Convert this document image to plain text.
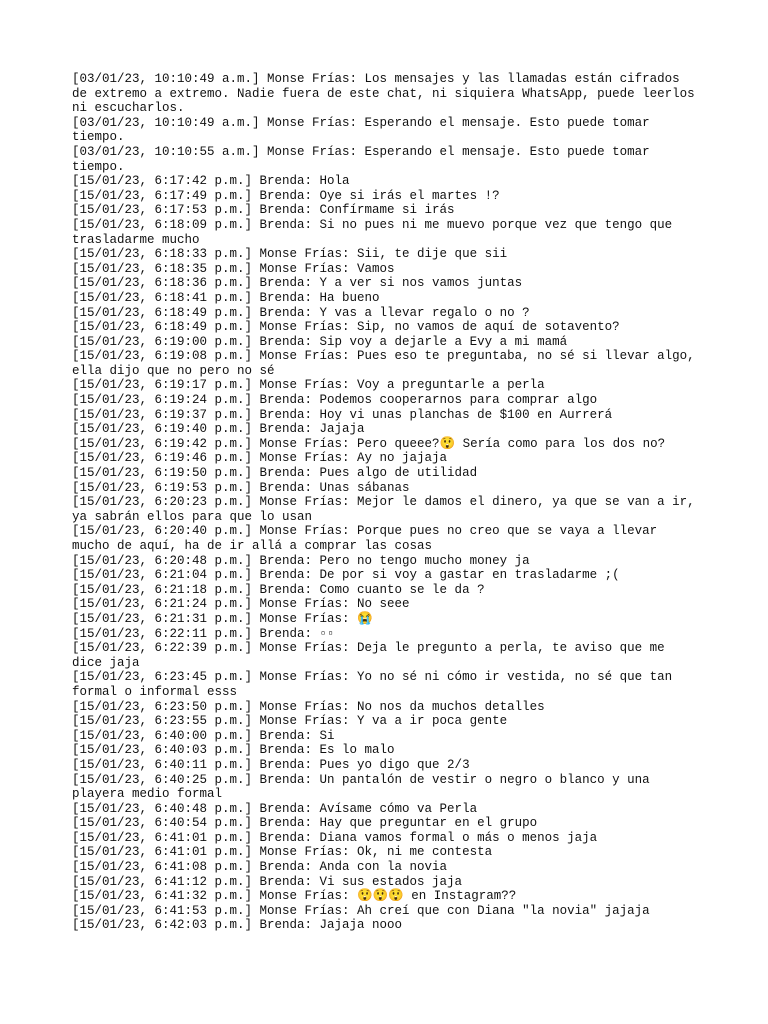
[03/01/23, 10:10:49 a.m.] Monse Frías: Los mensajes y las llamadas están cifrados
de extremo a extremo. Nadie fuera de este chat, ni siquiera WhatsApp, puede leerlos
ni escucharlos.
[03/01/23, 10:10:49 a.m.] Monse Frías: Esperando el mensaje. Esto puede tomar
tiempo.
[03/01/23, 10:10:55 a.m.] Monse Frías: Esperando el mensaje. Esto puede tomar
tiempo.
[15/01/23, 6:17:42 p.m.] Brenda: Hola
[15/01/23, 6:17:49 p.m.] Brenda: Oye si irás el martes !?
[15/01/23, 6:17:53 p.m.] Brenda: Confírmame si irás
[15/01/23, 6:18:09 p.m.] Brenda: Si no pues ni me muevo porque vez que tengo que
trasladarme mucho
[15/01/23, 6:18:33 p.m.] Monse Frías: Sii, te dije que sii
[15/01/23, 6:18:35 p.m.] Monse Frías: Vamos
[15/01/23, 6:18:36 p.m.] Brenda: Y a ver si nos vamos juntas
[15/01/23, 6:18:41 p.m.] Brenda: Ha bueno
[15/01/23, 6:18:49 p.m.] Brenda: Y vas a llevar regalo o no ?
[15/01/23, 6:18:49 p.m.] Monse Frías: Sip, no vamos de aquí de sotavento?
[15/01/23, 6:19:00 p.m.] Brenda: Sip voy a dejarle a Evy a mi mamá
[15/01/23, 6:19:08 p.m.] Monse Frías: Pues eso te preguntaba, no sé si llevar algo,
ella dijo que no pero no sé
[15/01/23, 6:19:17 p.m.] Monse Frías: Voy a preguntarle a perla
[15/01/23, 6:19:24 p.m.] Brenda: Podemos cooperarnos para comprar algo
[15/01/23, 6:19:37 p.m.] Brenda: Hoy vi unas planchas de $100 en Aurrerá
[15/01/23, 6:19:40 p.m.] Brenda: Jajaja
[15/01/23, 6:19:42 p.m.] Monse Frías: Pero queee?😲 Sería como para los dos no?
[15/01/23, 6:19:46 p.m.] Monse Frías: Ay no jajaja
[15/01/23, 6:19:50 p.m.] Brenda: Pues algo de utilidad
[15/01/23, 6:19:53 p.m.] Brenda: Unas sábanas
[15/01/23, 6:20:23 p.m.] Monse Frías: Mejor le damos el dinero, ya que se van a ir,
ya sabrán ellos para que lo usan
[15/01/23, 6:20:40 p.m.] Monse Frías: Porque pues no creo que se vaya a llevar
mucho de aquí, ha de ir allá a comprar las cosas
[15/01/23, 6:20:48 p.m.] Brenda: Pero no tengo mucho money ja
[15/01/23, 6:21:04 p.m.] Brenda: De por si voy a gastar en trasladarme ;(
[15/01/23, 6:21:18 p.m.] Brenda: Como cuanto se le da ?
[15/01/23, 6:21:24 p.m.] Monse Frías: No seee
[15/01/23, 6:21:31 p.m.] Monse Frías: 😭
[15/01/23, 6:22:11 p.m.] Brenda: ▫▫
[15/01/23, 6:22:39 p.m.] Monse Frías: Deja le pregunto a perla, te aviso que me
dice jaja
[15/01/23, 6:23:45 p.m.] Monse Frías: Yo no sé ni cómo ir vestida, no sé que tan
formal o informal esss
[15/01/23, 6:23:50 p.m.] Monse Frías: No nos da muchos detalles
[15/01/23, 6:23:55 p.m.] Monse Frías: Y va a ir poca gente
[15/01/23, 6:40:00 p.m.] Brenda: Si
[15/01/23, 6:40:03 p.m.] Brenda: Es lo malo
[15/01/23, 6:40:11 p.m.] Brenda: Pues yo digo que 2/3
[15/01/23, 6:40:25 p.m.] Brenda: Un pantalón de vestir o negro o blanco y una
playera medio formal
[15/01/23, 6:40:48 p.m.] Brenda: Avísame cómo va Perla
[15/01/23, 6:40:54 p.m.] Brenda: Hay que preguntar en el grupo
[15/01/23, 6:41:01 p.m.] Brenda: Diana vamos formal o más o menos jaja
[15/01/23, 6:41:01 p.m.] Monse Frías: Ok, ni me contesta
[15/01/23, 6:41:08 p.m.] Brenda: Anda con la novia
[15/01/23, 6:41:12 p.m.] Brenda: Vi sus estados jaja
[15/01/23, 6:41:32 p.m.] Monse Frías: 😲😲😲 en Instagram??
[15/01/23, 6:41:53 p.m.] Monse Frías: Ah creí que con Diana "la novia" jajaja
[15/01/23, 6:42:03 p.m.] Brenda: Jajaja nooo
